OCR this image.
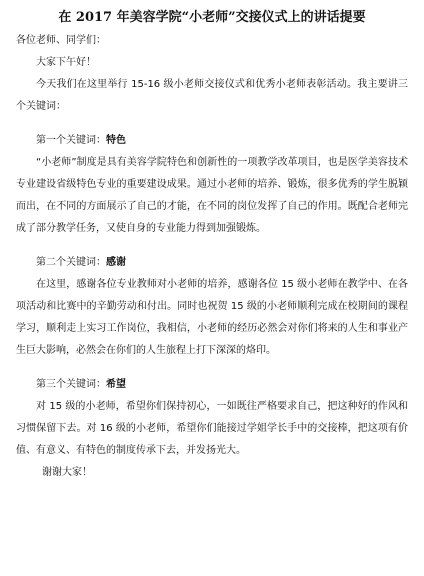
在 2017 年美容学院“小老师”交接仪式上的讲话提要

各位老师、同学们：

大家下午好！

今天我们在这里举行 15-16 级小老师交接仪式和优秀小老师表彰活动。我主要讲三个关键词：

第一个关键词：特色

“小老师”制度是具有美容学院特色和创新性的一项教学改革项目，也是医学美容技术专业建设省级特色专业的重要建设成果。通过小老师的培养、锻炼，很多优秀的学生脱颖而出，在不同的方面展示了自己的才能，在不同的岗位发挥了自己的作用。既配合老师完成了部分教学任务，又使自身的专业能力得到加强锻炼。

第二个关键词：感谢

在这里，感谢各位专业教师对小老师的培养，感谢各位 15 级小老师在教学中、在各项活动和比赛中的辛勤劳动和付出。同时也祝贺 15 级的小老师顺利完成在校期间的课程学习，顺利走上实习工作岗位，我相信，小老师的经历必然会对你们将来的人生和事业产生巨大影响，必然会在你们的人生旅程上打下深深的烙印。

第三个关键词：希望

对 15 级的小老师，希望你们保持初心，一如既往严格要求自己，把这种好的作风和习惯保留下去。对 16 级的小老师，希望你们能接过学姐学长手中的交接棒，把这项有价值、有意义、有特色的制度传承下去，并发扬光大。

谢谢大家！
